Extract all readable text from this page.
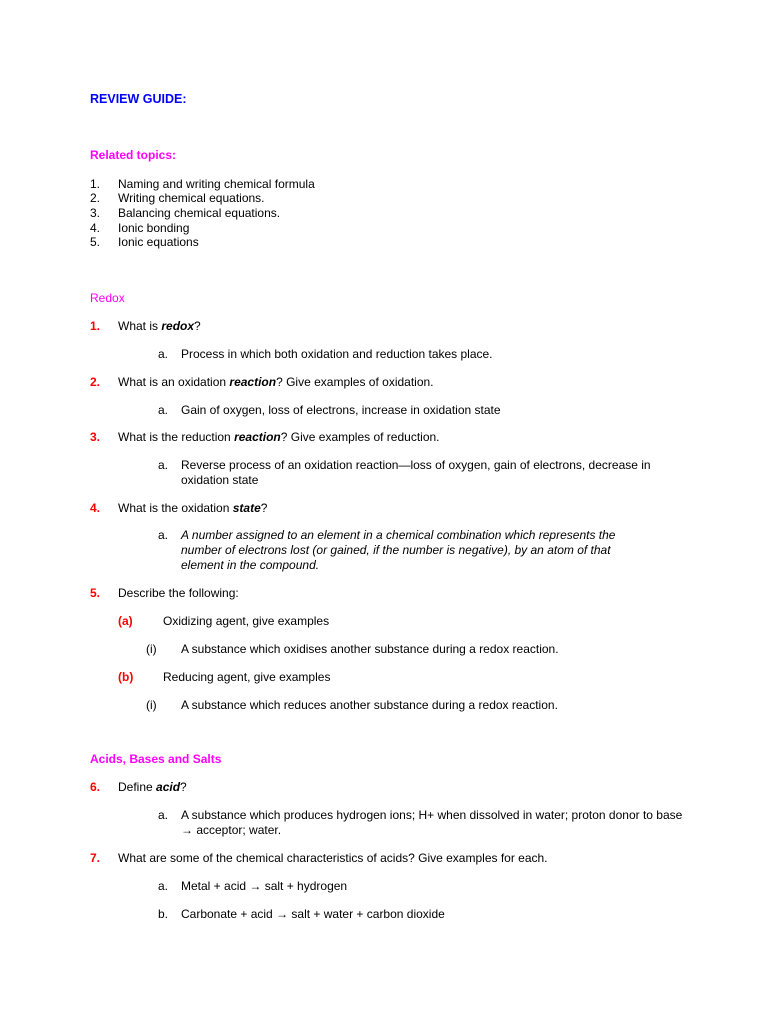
REVIEW GUIDE:
Related topics:
1. Naming and writing chemical formula
2. Writing chemical equations.
3. Balancing chemical equations.
4. Ionic bonding
5. Ionic equations
Redox
1. What is redox?
a. Process in which both oxidation and reduction takes place.
2. What is an oxidation reaction? Give examples of oxidation.
a. Gain of oxygen, loss of electrons, increase in oxidation state
3. What is the reduction reaction? Give examples of reduction.
a. Reverse process of an oxidation reaction—loss of oxygen, gain of electrons, decrease in oxidation state
4. What is the oxidation state?
a. A number assigned to an element in a chemical combination which represents the number of electrons lost (or gained, if the number is negative), by an atom of that element in the compound.
5. Describe the following:
(a)	Oxidizing agent, give examples
(i) A substance which oxidises another substance during a redox reaction.
(b) Reducing agent, give examples
(i) A substance which reduces another substance during a redox reaction.
Acids, Bases and Salts
6. Define acid?
a. A substance which produces hydrogen ions; H+ when dissolved in water; proton donor to base → acceptor; water.
7. What are some of the chemical characteristics of acids? Give examples for each.
a. Metal + acid → salt + hydrogen
b. Carbonate + acid → salt + water + carbon dioxide
